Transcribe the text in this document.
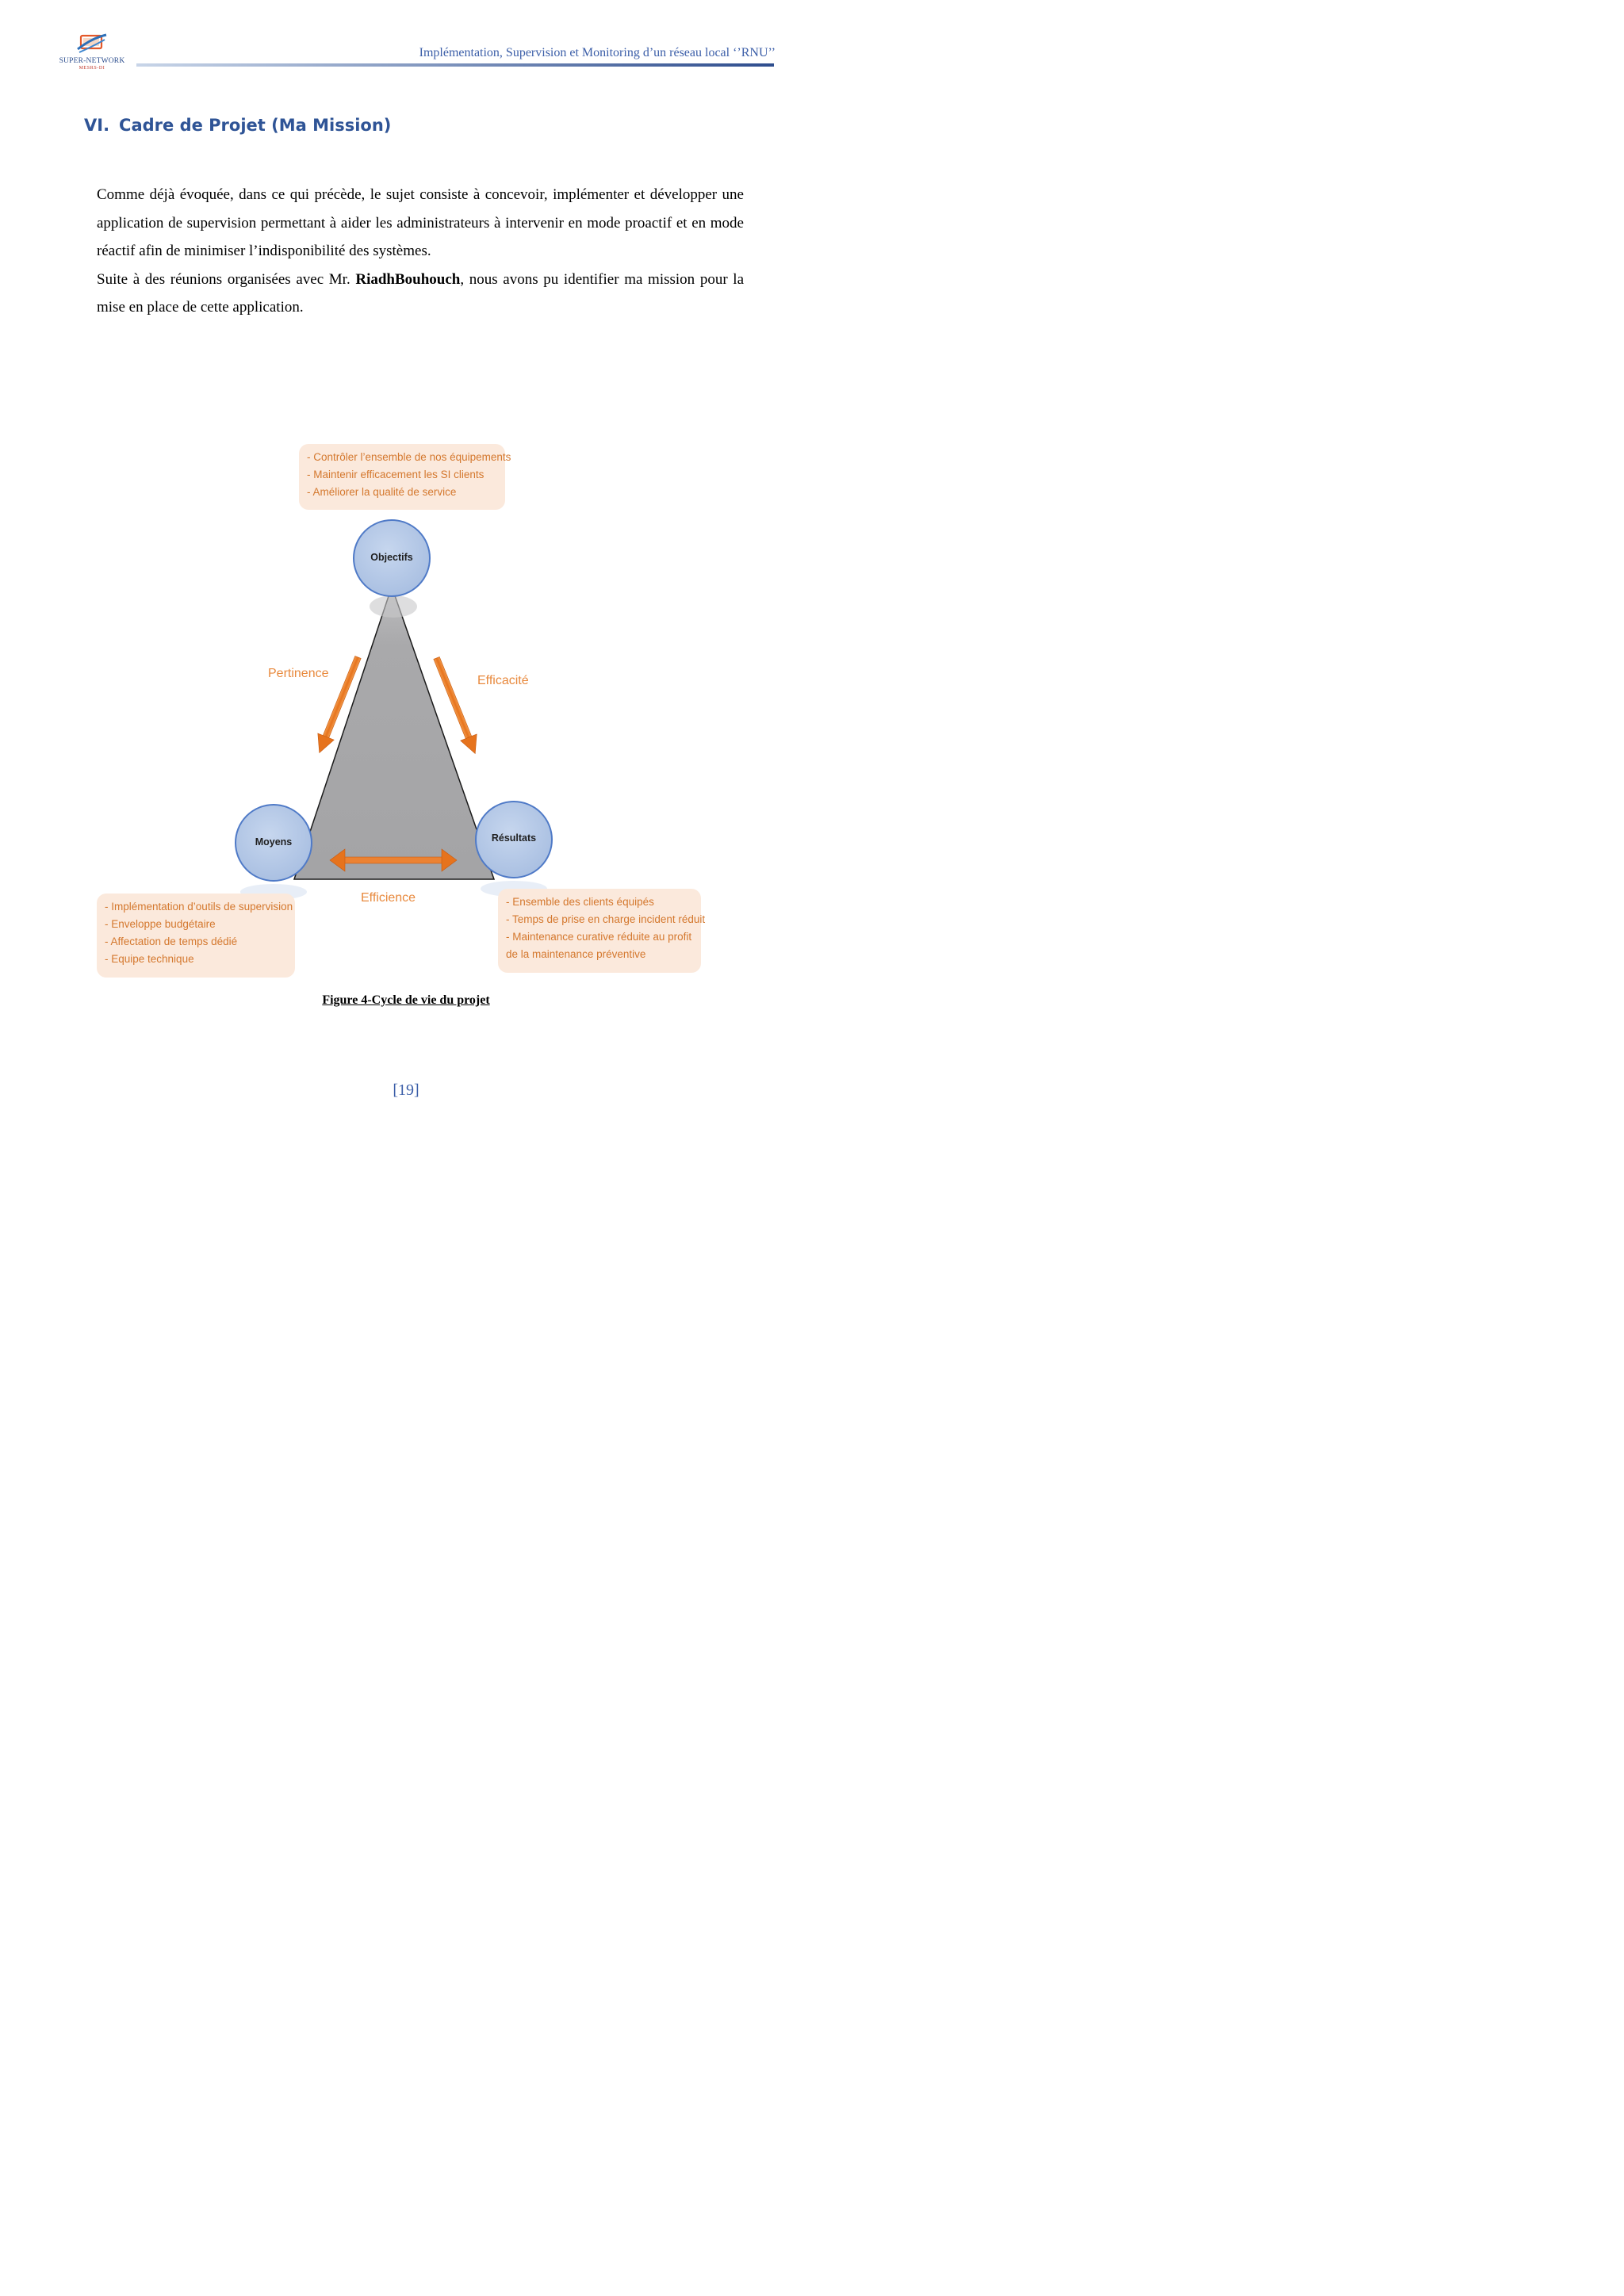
SUPER-NETWORK
MESRS-DI
Implémentation, Supervision et Monitoring d’un réseau local ‘’RNU’’
VI. Cadre de Projet (Ma Mission)

Comme déjà évoquée, dans ce qui précède, le sujet consiste à concevoir, implémenter et développer une application de supervision permettant à aider les administrateurs à intervenir en mode proactif et en mode réactif afin de minimiser l’indisponibilité des systèmes.

Suite à des réunions organisées avec Mr. RiadhBouhouch, nous avons pu identifier ma mission pour la mise en place de cette application.

Objectifs
Moyens	Résultats
Pertinence
Efficacité
Efficience
- Contrôler l’ensemble de nos équipements
- Maintenir efficacement les SI clients
- Améliorer la qualité de service
- Implémentation d’outils de supervision
- Enveloppe budgétaire
- Affectation de temps dédié
- Equipe technique
- Ensemble des clients équipés
- Temps de prise en charge incident réduit
- Maintenance curative réduite au profit
de la maintenance préventive
Figure 4-Cycle de vie du projet
[19]
